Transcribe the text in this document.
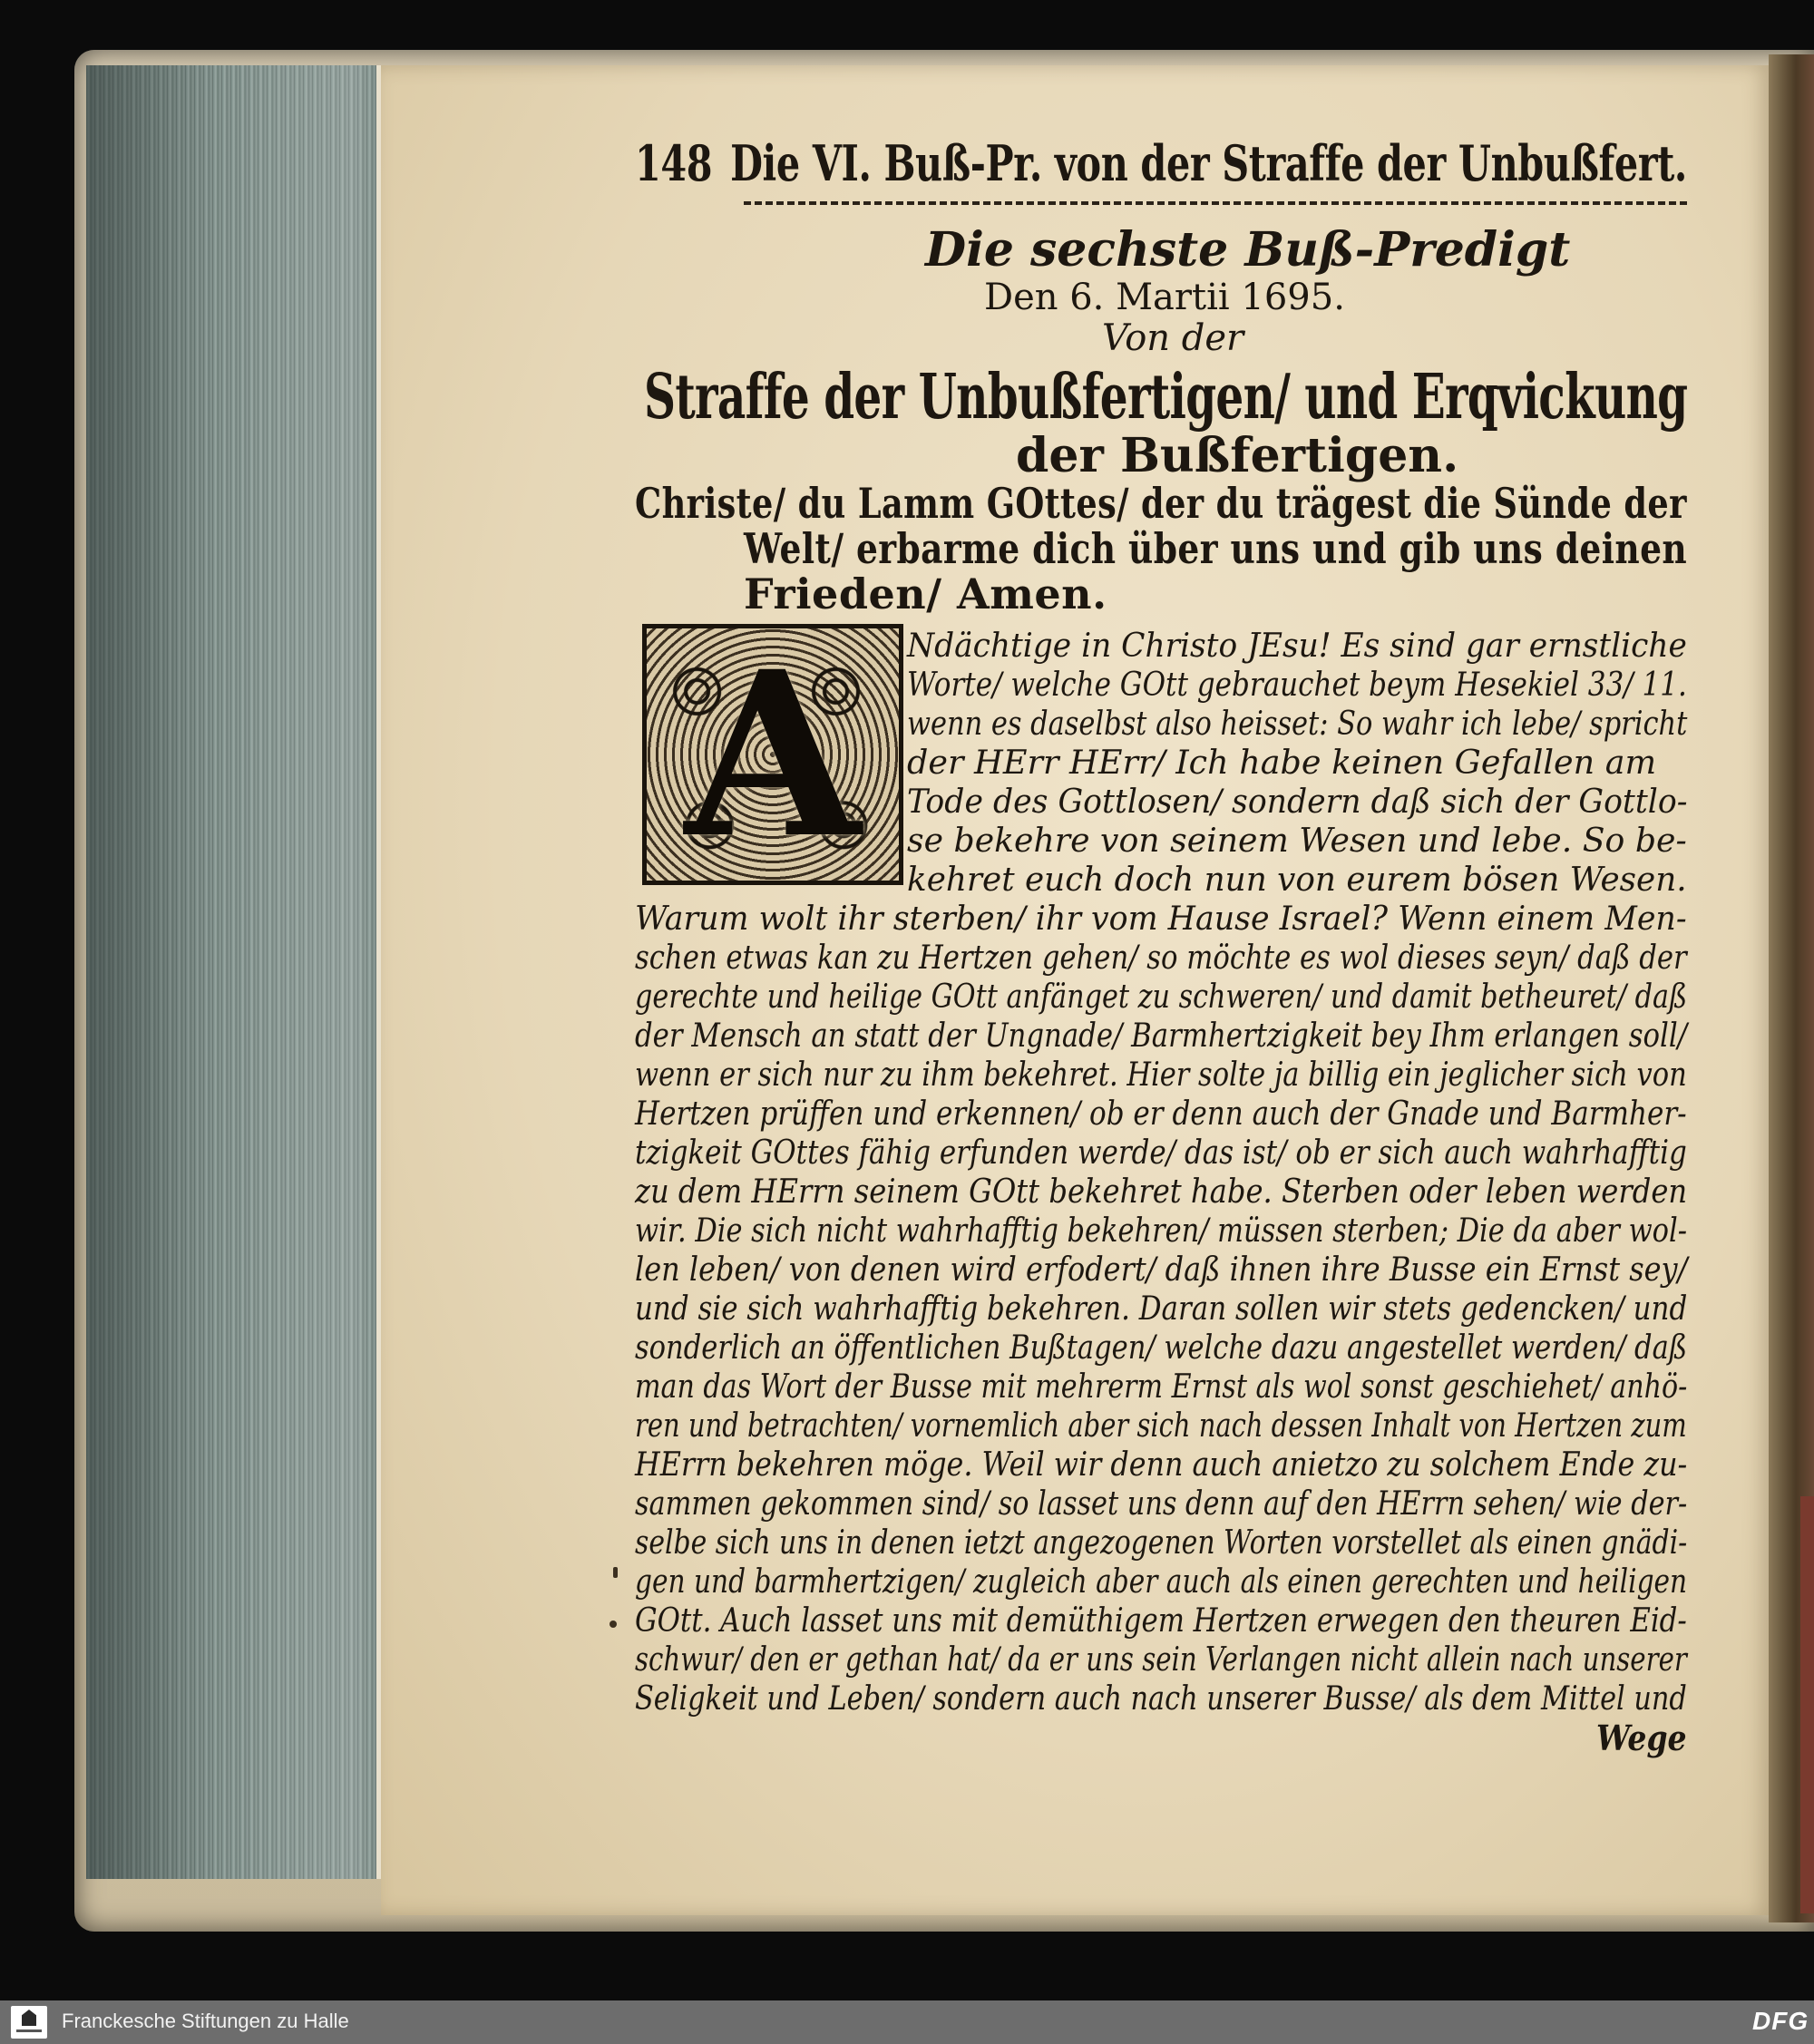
148 Die VI. Buß-Pr. von der Straffe der Unbußfert.
Die sechste Buß-Predigt
Den 6. Martii 1695.
Von der
Straffe der Unbußfertigen/ und Erqvickung
der Bußfertigen.
Christe/ du Lamm GOttes/ der du trägest die Sünde der
Welt/ erbarme dich über uns und gib uns deinen
Frieden/ Amen.
A	Ndächtige in Christo JEsu! Es sind gar ernstliche
Worte/ welche GOtt gebrauchet beym Hesekiel 33/ 11.
wenn es daselbst also heisset: So wahr ich lebe/ spricht
der HErr HErr/ Ich habe keinen Gefallen am
Tode des Gottlosen/ sondern daß sich der Gottlo-
se bekehre von seinem Wesen und lebe. So be-
kehret euch doch nun von eurem bösen Wesen.
Warum wolt ihr sterben/ ihr vom Hause Israel? Wenn einem Men-
schen etwas kan zu Hertzen gehen/ so möchte es wol dieses seyn/ daß der
gerechte und heilige GOtt anfänget zu schweren/ und damit betheuret/ daß
der Mensch an statt der Ungnade/ Barmhertzigkeit bey Ihm erlangen soll/
wenn er sich nur zu ihm bekehret. Hier solte ja billig ein jeglicher sich von
Hertzen prüffen und erkennen/ ob er denn auch der Gnade und Barmher-
tzigkeit GOttes fähig erfunden werde/ das ist/ ob er sich auch wahrhafftig
zu dem HErrn seinem GOtt bekehret habe. Sterben oder leben werden
wir. Die sich nicht wahrhafftig bekehren/ müssen sterben; Die da aber wol-
len leben/ von denen wird erfodert/ daß ihnen ihre Busse ein Ernst sey/
und sie sich wahrhafftig bekehren. Daran sollen wir stets gedencken/ und
sonderlich an öffentlichen Bußtagen/ welche dazu angestellet werden/ daß
man das Wort der Busse mit mehrerm Ernst als wol sonst geschiehet/ anhö-
ren und betrachten/ vornemlich aber sich nach dessen Inhalt von Hertzen zum
HErrn bekehren möge. Weil wir denn auch anietzo zu solchem Ende zu-
sammen gekommen sind/ so lasset uns denn auf den HErrn sehen/ wie der-
selbe sich uns in denen ietzt angezogenen Worten vorstellet als einen gnädi-
gen und barmhertzigen/ zugleich aber auch als einen gerechten und heiligen
GOtt. Auch lasset uns mit demüthigem Hertzen erwegen den theuren Eid-
schwur/ den er gethan hat/ da er uns sein Verlangen nicht allein nach unserer
Seligkeit und Leben/ sondern auch nach unserer Busse/ als dem Mittel und
Wege
Franckesche Stiftungen zu Halle	DFG
